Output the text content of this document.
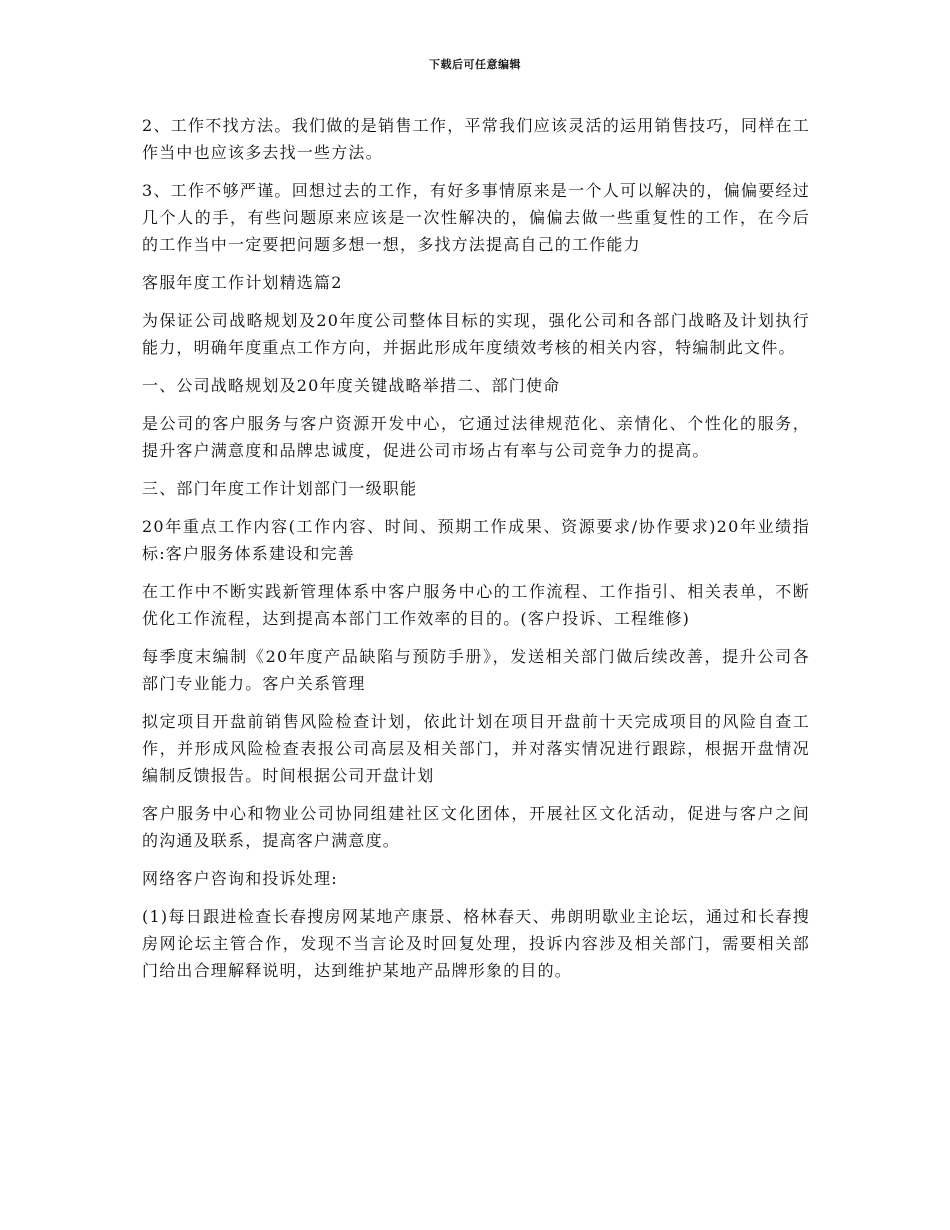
下载后可任意编辑

2、工作不找方法。我们做的是销售工作，平常我们应该灵活的运用销售技巧，同样在工作当中也应该多去找一些方法。

3、工作不够严谨。回想过去的工作，有好多事情原来是一个人可以解决的，偏偏要经过几个人的手，有些问题原来应该是一次性解决的，偏偏去做一些重复性的工作，在今后的工作当中一定要把问题多想一想，多找方法提高自己的工作能力

客服年度工作计划精选篇2

为保证公司战略规划及20年度公司整体目标的实现，强化公司和各部门战略及计划执行能力，明确年度重点工作方向，并据此形成年度绩效考核的相关内容，特编制此文件。

一、公司战略规划及20年度关键战略举措二、部门使命

是公司的客户服务与客户资源开发中心，它通过法律规范化、亲情化、个性化的服务，提升客户满意度和品牌忠诚度，促进公司市场占有率与公司竞争力的提高。

三、部门年度工作计划部门一级职能

20年重点工作内容(工作内容、时间、预期工作成果、资源要求/协作要求)20年业绩指标:客户服务体系建设和完善

在工作中不断实践新管理体系中客户服务中心的工作流程、工作指引、相关表单，不断优化工作流程，达到提高本部门工作效率的目的。(客户投诉、工程维修)

每季度末编制《20年度产品缺陷与预防手册》，发送相关部门做后续改善，提升公司各部门专业能力。客户关系管理

拟定项目开盘前销售风险检查计划，依此计划在项目开盘前十天完成项目的风险自查工作，并形成风险检查表报公司高层及相关部门，并对落实情况进行跟踪，根据开盘情况编制反馈报告。时间根据公司开盘计划

客户服务中心和物业公司协同组建社区文化团体，开展社区文化活动，促进与客户之间的沟通及联系，提高客户满意度。

网络客户咨询和投诉处理:

(1)每日跟进检查长春搜房网某地产康景、格林春天、弗朗明歇业主论坛，通过和长春搜房网论坛主管合作，发现不当言论及时回复处理，投诉内容涉及相关部门，需要相关部门给出合理解释说明，达到维护某地产品牌形象的目的。
